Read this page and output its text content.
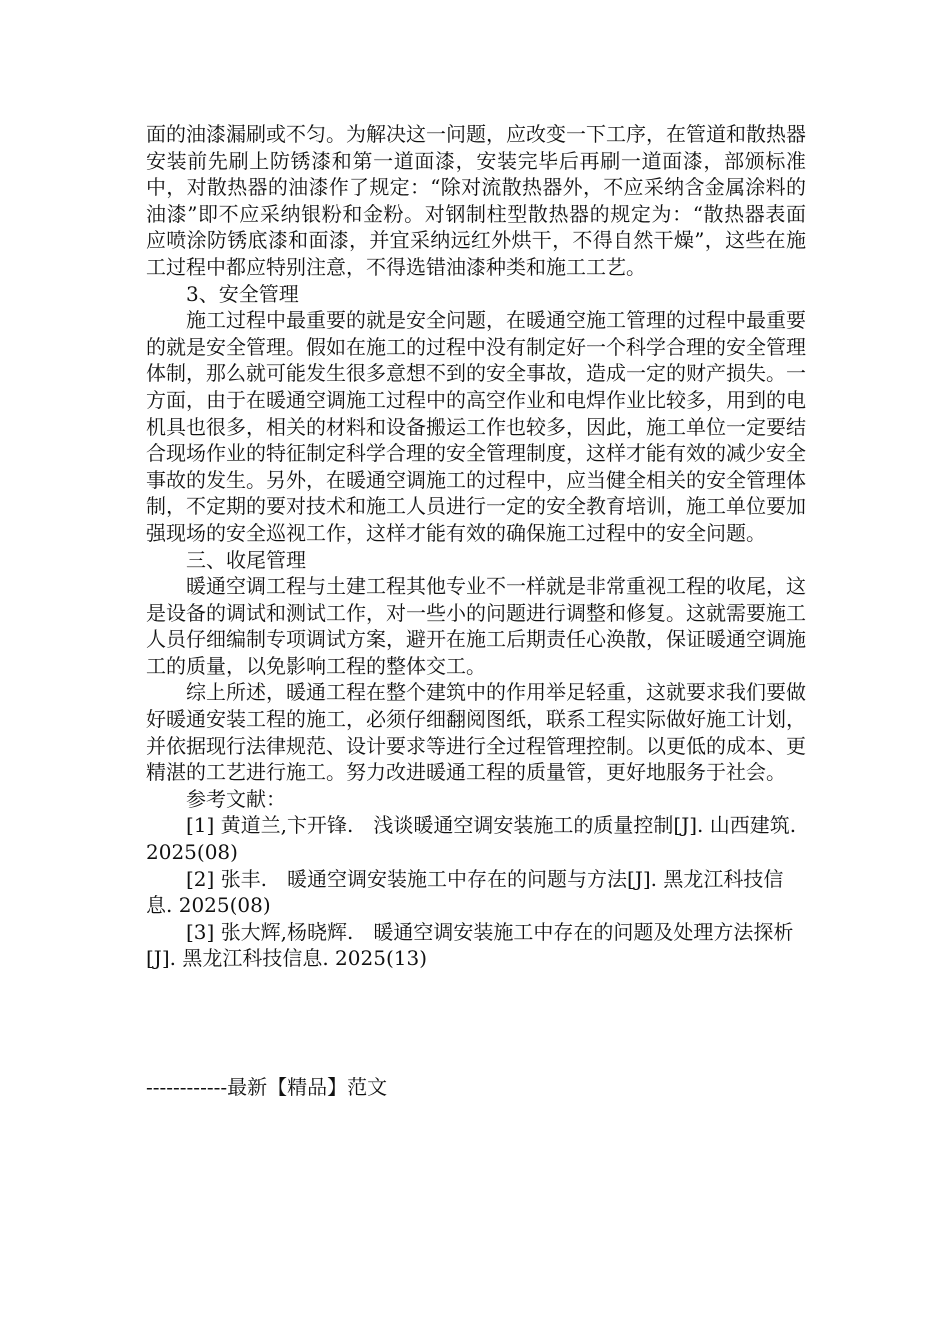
面的油漆漏刷或不匀。为解决这一问题，应改变一下工序，在管道和散热器安装前先刷上防锈漆和第一道面漆，安装完毕后再刷一道面漆，部颁标准中，对散热器的油漆作了规定：“除对流散热器外，不应采纳含金属涂料的油漆”即不应采纳银粉和金粉。对钢制柱型散热器的规定为：“散热器表面应喷涂防锈底漆和面漆，并宜采纳远红外烘干，不得自然干燥”，这些在施工过程中都应特别注意，不得选错油漆种类和施工工艺。

3、安全管理

施工过程中最重要的就是安全问题，在暖通空施工管理的过程中最重要的就是安全管理。假如在施工的过程中没有制定好一个科学合理的安全管理体制，那么就可能发生很多意想不到的安全事故，造成一定的财产损失。一方面，由于在暖通空调施工过程中的高空作业和电焊作业比较多，用到的电机具也很多，相关的材料和设备搬运工作也较多，因此，施工单位一定要结合现场作业的特征制定科学合理的安全管理制度，这样才能有效的减少安全事故的发生。另外，在暖通空调施工的过程中，应当健全相关的安全管理体制，不定期的要对技术和施工人员进行一定的安全教育培训，施工单位要加强现场的安全巡视工作，这样才能有效的确保施工过程中的安全问题。

三、收尾管理

暖通空调工程与土建工程其他专业不一样就是非常重视工程的收尾，这是设备的调试和测试工作，对一些小的问题进行调整和修复。这就需要施工人员仔细编制专项调试方案，避开在施工后期责任心涣散，保证暖通空调施工的质量，以免影响工程的整体交工。

综上所述，暖通工程在整个建筑中的作用举足轻重，这就要求我们要做好暖通安装工程的施工，必须仔细翻阅图纸，联系工程实际做好施工计划，并依据现行法律规范、设计要求等进行全过程管理控制。以更低的成本、更精湛的工艺进行施工。努力改进暖通工程的质量管，更好地服务于社会。

参考文献：

[1] 黄道兰,卞开锋.　浅谈暖通空调安装施工的质量控制[J]. 山西建筑. 2025(08)

[2] 张丰.　暖通空调安装施工中存在的问题与方法[J]. 黑龙江科技信息. 2025(08)

[3] 张大辉,杨晓辉.　暖通空调安装施工中存在的问题及处理方法探析[J]. 黑龙江科技信息. 2025(13)

------------最新【精品】范文
